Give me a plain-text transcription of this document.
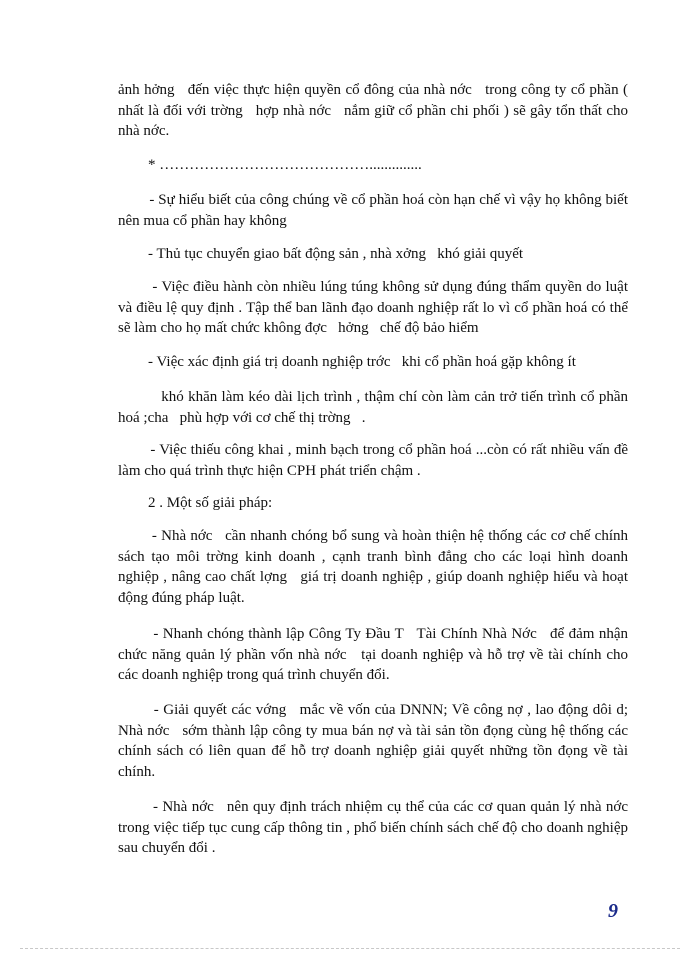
ảnh hởng   đến việc thực hiện quyền cổ đông của nhà nớc   trong công ty cổ phần ( nhất là đối với trờng   hợp nhà nớc   nắm giữ cổ phần chi phối ) sẽ gây tổn thất cho nhà nớc.

* ……………………………………..............

- Sự hiểu biết của công chúng về cổ phần hoá còn hạn chế vì vậy họ không biết nên mua cổ phần hay không

- Thủ tục chuyển giao bất động sản , nhà xởng   khó giải quyết

- Việc điều hành còn nhiều lúng túng không sử dụng đúng thẩm quyền do luật và điều lệ quy định . Tập thể ban lãnh đạo doanh nghiệp rất lo vì cổ phần hoá có thể sẽ làm cho họ mất chức không đợc   hởng   chế độ bảo hiểm

- Việc xác định giá trị doanh nghiệp trớc   khi cổ phần hoá gặp không ít

khó khăn làm kéo dài lịch trình , thậm chí còn làm cản trở tiến trình cổ phần hoá ;cha   phù hợp với cơ chế thị trờng   .

- Việc thiếu công khai , minh bạch trong cổ phần hoá ...còn có rất nhiều vấn đề làm cho quá trình thực hiện CPH phát triển chậm .

2 . Một số giải pháp:

- Nhà nớc   cần nhanh chóng bổ sung và hoàn thiện hệ thống các cơ chế chính sách tạo môi trờng kinh doanh , cạnh tranh bình đẳng cho các loại hình doanh nghiệp , nâng cao chất lợng   giá trị doanh nghiệp , giúp doanh nghiệp hiểu và hoạt động đúng pháp luật.

- Nhanh chóng thành lập Công Ty Đầu T   Tài Chính Nhà Nớc   để đảm nhận chức năng quản lý phần vốn nhà nớc   tại doanh nghiệp và hỗ trợ về tài chính cho các doanh nghiệp trong quá trình chuyển đổi.

- Giải quyết các vớng   mắc về vốn của DNNN; Về công nợ , lao động dôi d;   Nhà nớc   sớm thành lập công ty mua bán nợ và tài sản tồn đọng cùng hệ thống các chính sách có liên quan để hỗ trợ doanh nghiệp giải quyết những tồn đọng về tài chính.

- Nhà nớc   nên quy định trách nhiệm cụ thể của các cơ quan quản lý nhà nớc   trong việc tiếp tục cung cấp thông tin , phổ biến chính sách chế độ cho doanh nghiệp sau chuyển đổi .

9
